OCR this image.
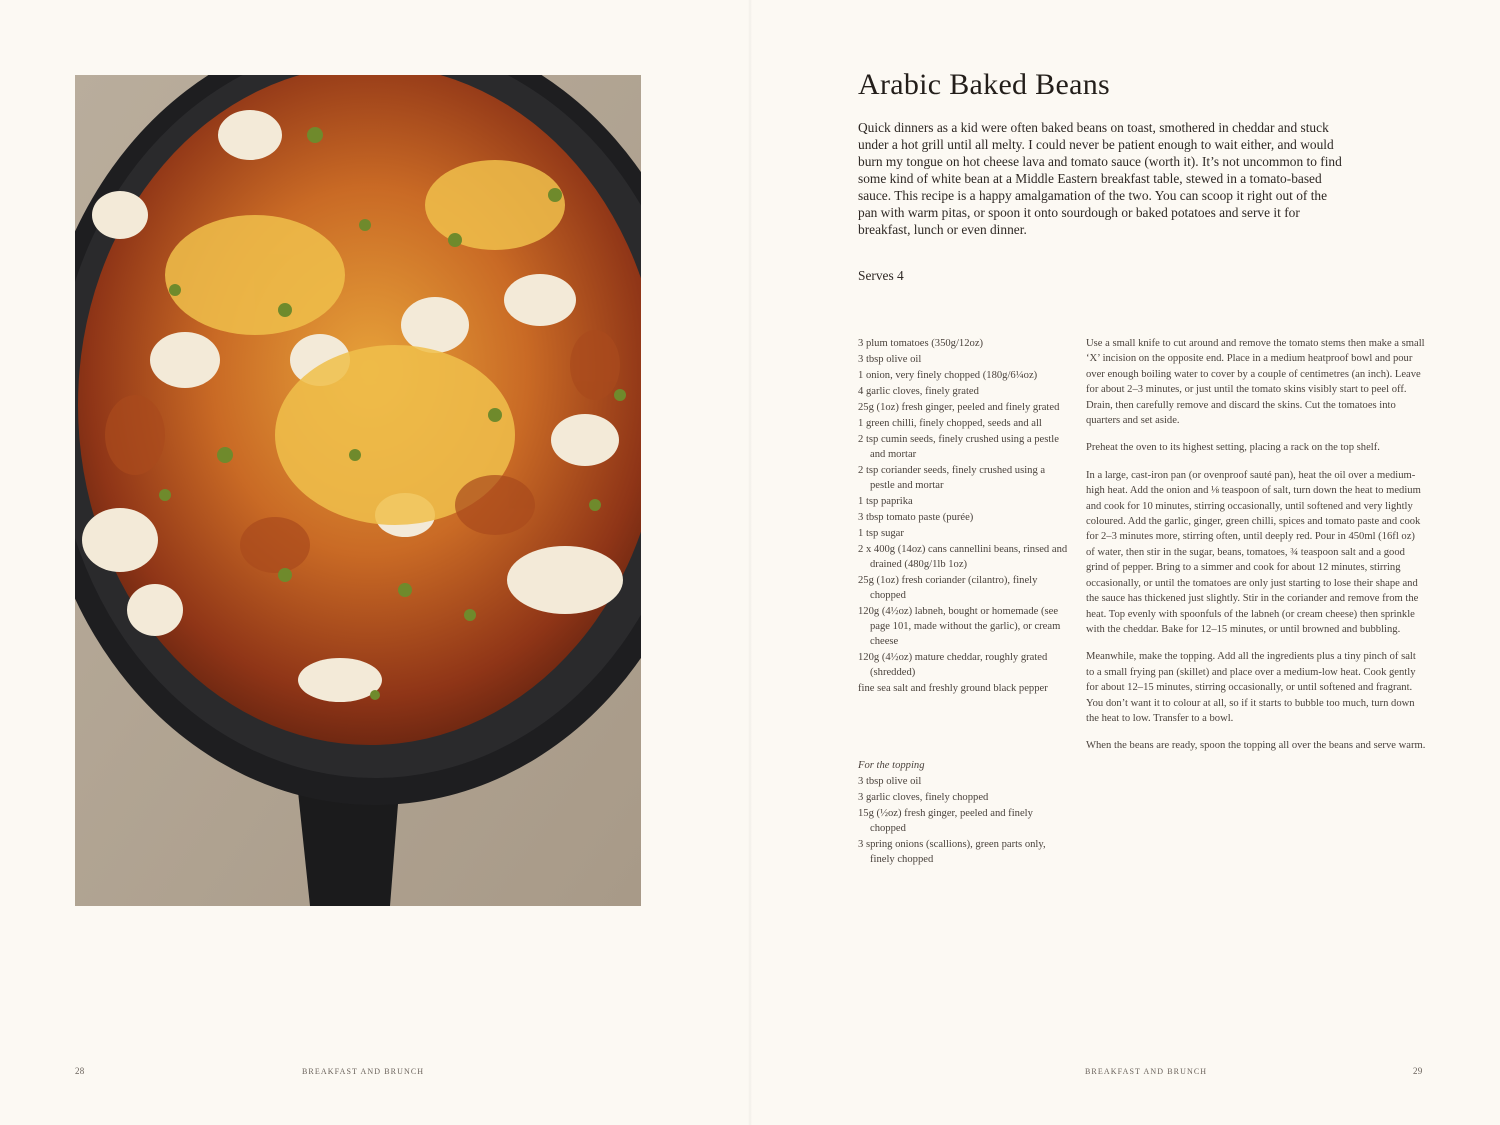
Arabic Baked Beans

Quick dinners as a kid were often baked beans on toast, smothered in cheddar and stuck under a hot grill until all melty. I could never be patient enough to wait either, and would burn my tongue on hot cheese lava and tomato sauce (worth it). It’s not uncommon to find some kind of white bean at a Middle Eastern breakfast table, stewed in a tomato-based sauce. This recipe is a happy amalgamation of the two. You can scoop it right out of the pan with warm pitas, or spoon it onto sourdough or baked potatoes and serve it for breakfast, lunch or even dinner.

Serves 4

3 plum tomatoes (350g/12oz)
3 tbsp olive oil
1 onion, very finely chopped (180g/6¼oz)
4 garlic cloves, finely grated
25g (1oz) fresh ginger, peeled and finely grated
1 green chilli, finely chopped, seeds and all
2 tsp cumin seeds, finely crushed using a pestle and mortar
2 tsp coriander seeds, finely crushed using a pestle and mortar
1 tsp paprika
3 tbsp tomato paste (purée)
1 tsp sugar
2 x 400g (14oz) cans cannellini beans, rinsed and drained (480g/1lb 1oz)
25g (1oz) fresh coriander (cilantro), finely chopped
120g (4½oz) labneh, bought or homemade (see page 101, made without the garlic), or cream cheese
120g (4½oz) mature cheddar, roughly grated (shredded)
fine sea salt and freshly ground black pepper
For the topping
3 tbsp olive oil
3 garlic cloves, finely chopped
15g (½oz) fresh ginger, peeled and finely chopped
3 spring onions (scallions), green parts only, finely chopped

Use a small knife to cut around and remove the tomato stems then make a small ‘X’ incision on the opposite end. Place in a medium heatproof bowl and pour over enough boiling water to cover by a couple of centimetres (an inch). Leave for about 2–3 minutes, or just until the tomato skins visibly start to peel off. Drain, then carefully remove and discard the skins. Cut the tomatoes into quarters and set aside.

Preheat the oven to its highest setting, placing a rack on the top shelf.

In a large, cast-iron pan (or ovenproof sauté pan), heat the oil over a medium-high heat. Add the onion and ⅛ teaspoon of salt, turn down the heat to medium and cook for 10 minutes, stirring occasionally, until softened and very lightly coloured. Add the garlic, ginger, green chilli, spices and tomato paste and cook for 2–3 minutes more, stirring often, until deeply red. Pour in 450ml (16fl oz) of water, then stir in the sugar, beans, tomatoes, ¾ teaspoon salt and a good grind of pepper. Bring to a simmer and cook for about 12 minutes, stirring occasionally, or until the tomatoes are only just starting to lose their shape and the sauce has thickened just slightly. Stir in the coriander and remove from the heat. Top evenly with spoonfuls of the labneh (or cream cheese) then sprinkle with the cheddar. Bake for 12–15 minutes, or until browned and bubbling.

Meanwhile, make the topping. Add all the ingredients plus a tiny pinch of salt to a small frying pan (skillet) and place over a medium-low heat. Cook gently for about 12–15 minutes, stirring occasionally, or until softened and fragrant. You don’t want it to colour at all, so if it starts to bubble too much, turn down the heat to low. Transfer to a bowl.

When the beans are ready, spoon the topping all over the beans and serve warm.

28	BREAKFAST AND BRUNCH	BREAKFAST AND BRUNCH	29
